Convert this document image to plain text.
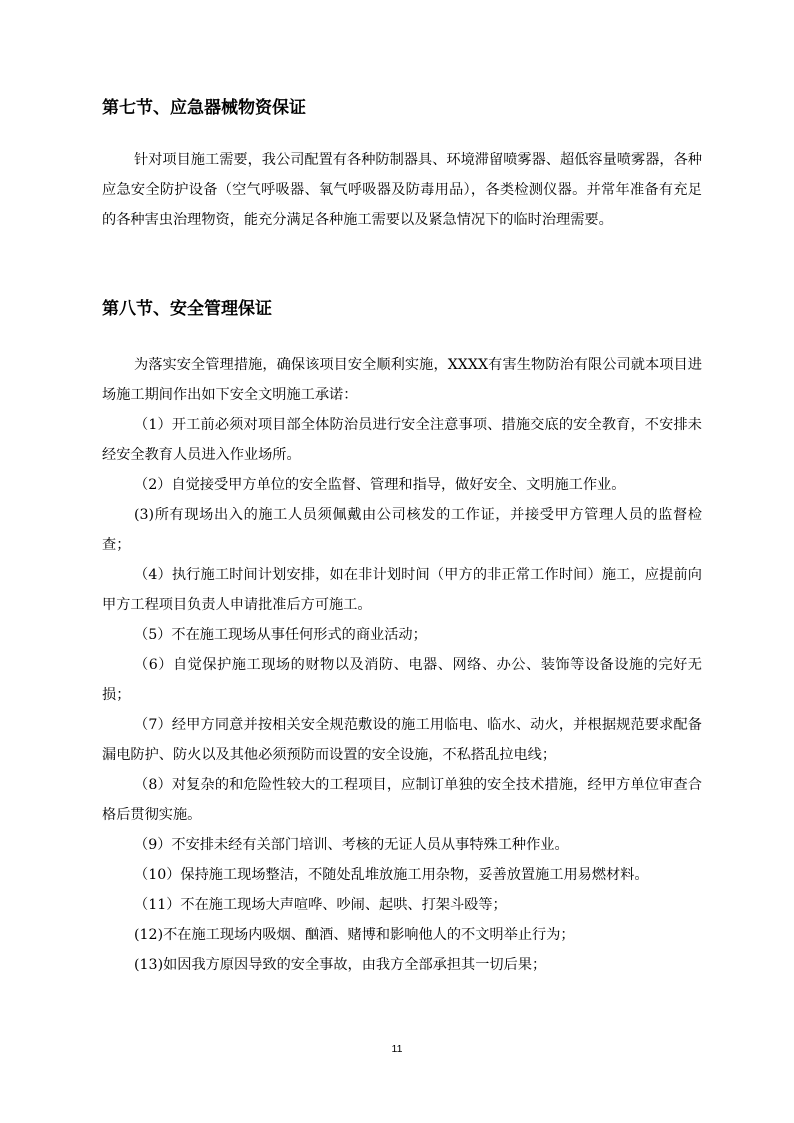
第七节、应急器械物资保证

针对项目施工需要，我公司配置有各种防制器具、环境滞留喷雾器、超低容量喷雾器，各种应急安全防护设备（空气呼吸器、氧气呼吸器及防毒用品），各类检测仪器。并常年准备有充足的各种害虫治理物资，能充分满足各种施工需要以及紧急情况下的临时治理需要。

第八节、安全管理保证

为落实安全管理措施，确保该项目安全顺利实施，XXXX有害生物防治有限公司就本项目进场施工期间作出如下安全文明施工承诺：

（1）开工前必须对项目部全体防治员进行安全注意事项、措施交底的安全教育，不安排未经安全教育人员进入作业场所。

（2）自觉接受甲方单位的安全监督、管理和指导，做好安全、文明施工作业。

(3)所有现场出入的施工人员须佩戴由公司核发的工作证，并接受甲方管理人员的监督检查；

（4）执行施工时间计划安排，如在非计划时间（甲方的非正常工作时间）施工，应提前向甲方工程项目负责人申请批准后方可施工。

（5）不在施工现场从事任何形式的商业活动；

（6）自觉保护施工现场的财物以及消防、电器、网络、办公、装饰等设备设施的完好无损；

（7）经甲方同意并按相关安全规范敷设的施工用临电、临水、动火，并根据规范要求配备漏电防护、防火以及其他必须预防而设置的安全设施，不私搭乱拉电线；

（8）对复杂的和危险性较大的工程项目，应制订单独的安全技术措施，经甲方单位审查合格后贯彻实施。

（9）不安排未经有关部门培训、考核的无证人员从事特殊工种作业。

（10）保持施工现场整洁，不随处乱堆放施工用杂物，妥善放置施工用易燃材料。

（11）不在施工现场大声喧哗、吵闹、起哄、打架斗殴等；

(12)不在施工现场内吸烟、酗酒、赌博和影响他人的不文明举止行为；

(13)如因我方原因导致的安全事故，由我方全部承担其一切后果；

11
